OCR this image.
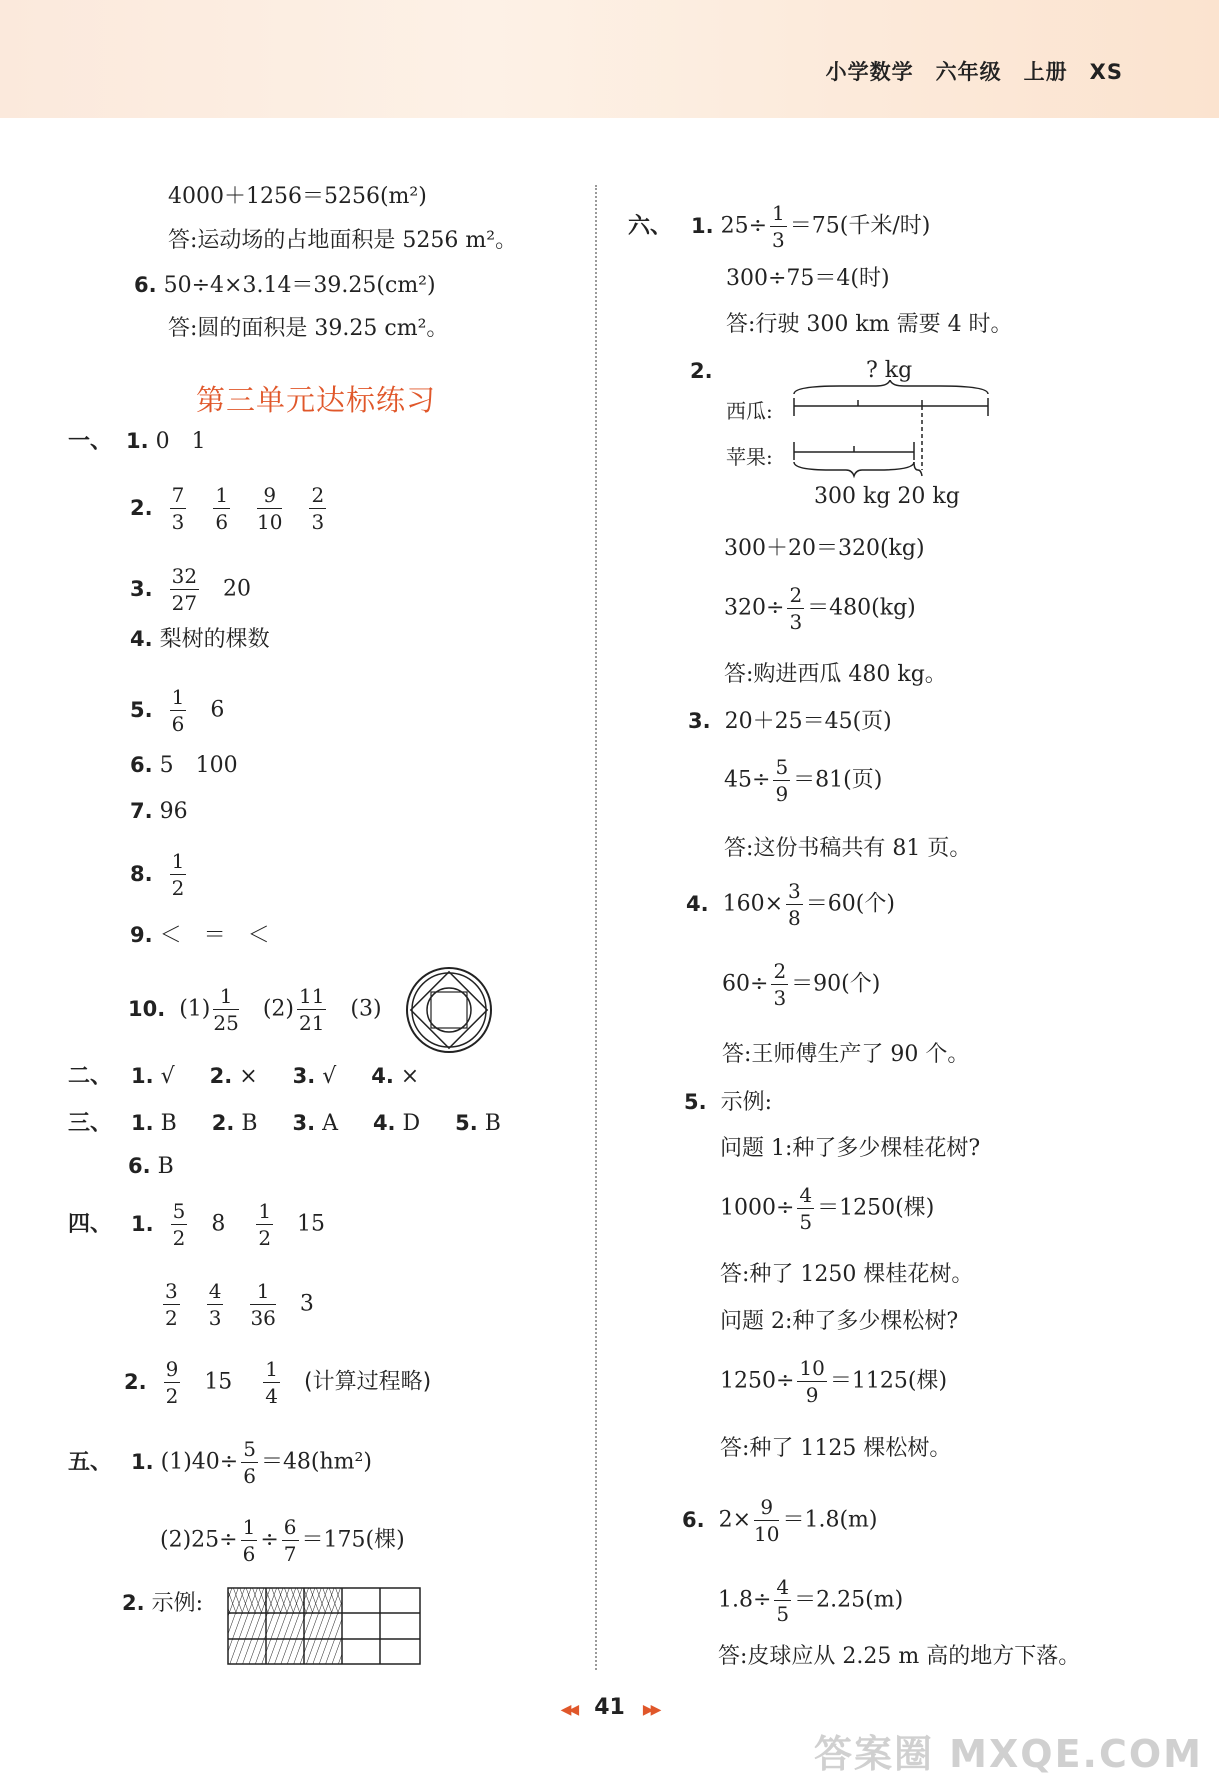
小学数学 六年级 上册 XS
4000＋1256＝5256(m²)
答:运动场的占地面积是 5256 m²。
6. 50÷4×3.14＝39.25(cm²)
答:圆的面积是 39.25 cm²。
第三单元达标练习
一、 1. 0　1
2. $\frac{7}{3}$
$\frac{1}{6}$
$\frac{9}{10}$
$\frac{2}{3}$
3. $\frac{32}{27} 20$
4. 梨树的棵数
5. $\frac{1}{6} 6$
6. 5　100
7. 96
8. $\frac{1}{2}$
9. ＜　＝　＜
10. $(1) \frac{1}{25} (2) \frac{11}{21} (3)$
二、 1. √ 2. × 3. √ 4. ×
三、 1. B 2. B 3. A 4. D 5. B
6. B
四、 1. $\frac{5}{2} 8 \frac{1}{2} 15$
$\frac{3}{2}$
$\frac{4}{3}$
$\frac{1}{36} 3$
2. $\frac{9}{2} 15 \frac{1}{4}$ (计算过程略)
五、 1. $(1)40\div \frac{5}{6} =48(hm^2)$
$(2)25\div \frac{1}{6} \div \frac{6}{7} =175$(棵)
2. 示例:
六、 1. $25\div \frac{1}{3} =75$(千米/时)
300÷75＝4(时)
答:行驶 300 km 需要 4 时。
2.	? kg
西瓜:
苹果:
300 kg 20 kg
300＋20＝320(kg)
$320\div \frac{2}{3} =480(kg)$
答:购进西瓜 480 kg。
3. 20＋25＝45(页)
$45\div \frac{5}{9} =81$(页)
答:这份书稿共有 81 页。
4. $160\times \frac{3}{8} =60$(个)
$60\div \frac{2}{3} =90$(个)
答:王师傅生产了 90 个。
5. 示例:
问题 1:种了多少棵桂花树?
$1000\div \frac{4}{5} =1250$(棵)
答:种了 1250 棵桂花树。
问题 2:种了多少棵松树?
$1250\div \frac{10}{9} =1125$(棵)
答:种了 1125 棵松树。
6. $2\times \frac{9}{10} =1.8(m)$
$1.8\div \frac{4}{5} =2.25(m)$
答:皮球应从 2.25 m 高的地方下落。
◀◀ 41 ▶▶
答案圈 MXQE.COM
